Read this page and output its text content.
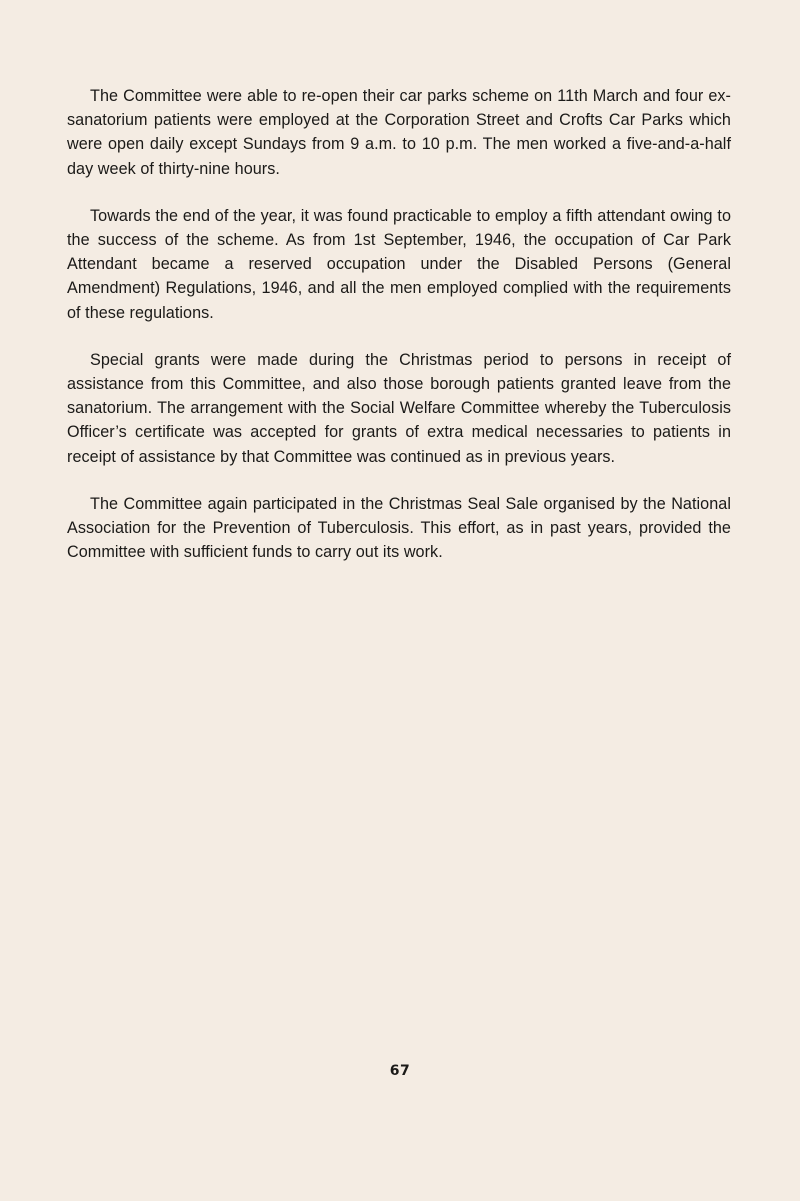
The Committee were able to re-open their car parks scheme on 11th March and four ex-sanatorium patients were employed at the Corporation Street and Crofts Car Parks which were open daily except Sundays from 9 a.m. to 10 p.m. The men worked a five-and-a-half day week of thirty-nine hours.

Towards the end of the year, it was found practicable to employ a fifth attendant owing to the success of the scheme. As from 1st September, 1946, the occupation of Car Park Attendant became a reserved occupation under the Disabled Persons (General Amendment) Regulations, 1946, and all the men employed complied with the requirements of these regulations.

Special grants were made during the Christmas period to persons in receipt of assistance from this Committee, and also those borough patients granted leave from the sanatorium. The arrangement with the Social Welfare Committee whereby the Tuberculosis Officer’s certificate was accepted for grants of extra medical necessaries to patients in receipt of assistance by that Committee was continued as in previous years.

The Committee again participated in the Christmas Seal Sale organised by the National Association for the Prevention of Tuberculosis. This effort, as in past years, provided the Committee with sufficient funds to carry out its work.

67
